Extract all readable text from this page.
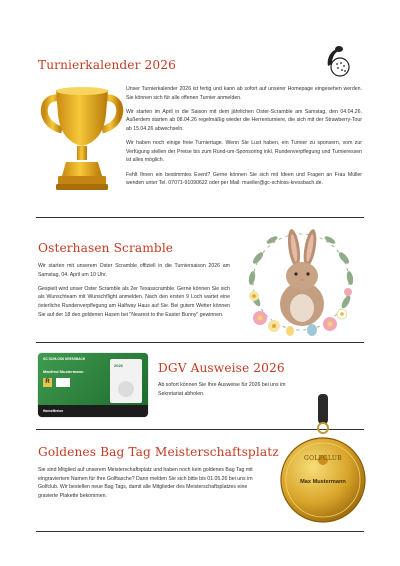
Turnierkalender 2026

Unser Turnierkalender 2026 ist fertig und kann ab sofort auf unserer Homepage eingesehen werden. Sie können sich für alle offenen Turnier anmelden.

Wir starten im April in die Saison mit dem jährlichen Oster-Scramble am Samstag, den 04.04.26. Außerdem starten ab 08.04.26 regelmäßig wieder die Herrenturniere, die sich mit der Strawberry-Tour ab 15.04.26 abwechseln.

Wir haben noch einige freie Turniertage. Wenn Sie Lust haben, ein Turnier zu sponsern, vom zur Verfügung stellen der Preise bis zum Rund-um-Sponsoring inkl. Rundenverpflegung und Turnieressen ist alles möglich.

Fehlt Ihnen ein bestimmtes Event? Gerne können Sie sich mit Ideen und Fragen an Frau Müller wenden unter Tel. 07071-91090622 oder per Mail: mueller@gc-schloss-kressbach.de.

Osterhasen Scramble

Wir starten mit unserem Oster Scramble offiziell in die Turniersaison 2026 am Samstag, 04. April um 10 Uhr.

Gespielt wird unser Oster Scramble als 2er Texasscramble. Gerne können Sie sich als Wunschteam mit Wunschflight anmelden. Nach den ersten 9 Loch wartet eine österliche Rundenverpflegung am Halfway Haus auf Sie. Bei gutem Wetter können Sie auf der 18 den goldenen Hasen bei "Nearest to the Easter Bunny" gewinnen.

GC SCHLOSS KRESSBACH
Manfred Mustermann
R
2026
HanseMerkur
DGV Ausweise 2026

Ab sofort können Sie Ihre Ausweise für 2026 bei uns im Sekretariat abholen.

Goldenes Bag Tag Meisterschaftsplatz

Sie sind Mitglied auf unserem Meisterschaftsplatz und haben noch kein goldenes Bag Tag mit eingraviertem Namen für Ihre Golftasche? Dann melden Sie sich bitte bis 01.05.26 bei uns im Golfclub. Wir bestellen neue Bag Tags, damit alle Mitglieder des Meisterschaftsplatzes eine gravierte Plakette bekommen.

GOLFCLUB
Max Mustermann
